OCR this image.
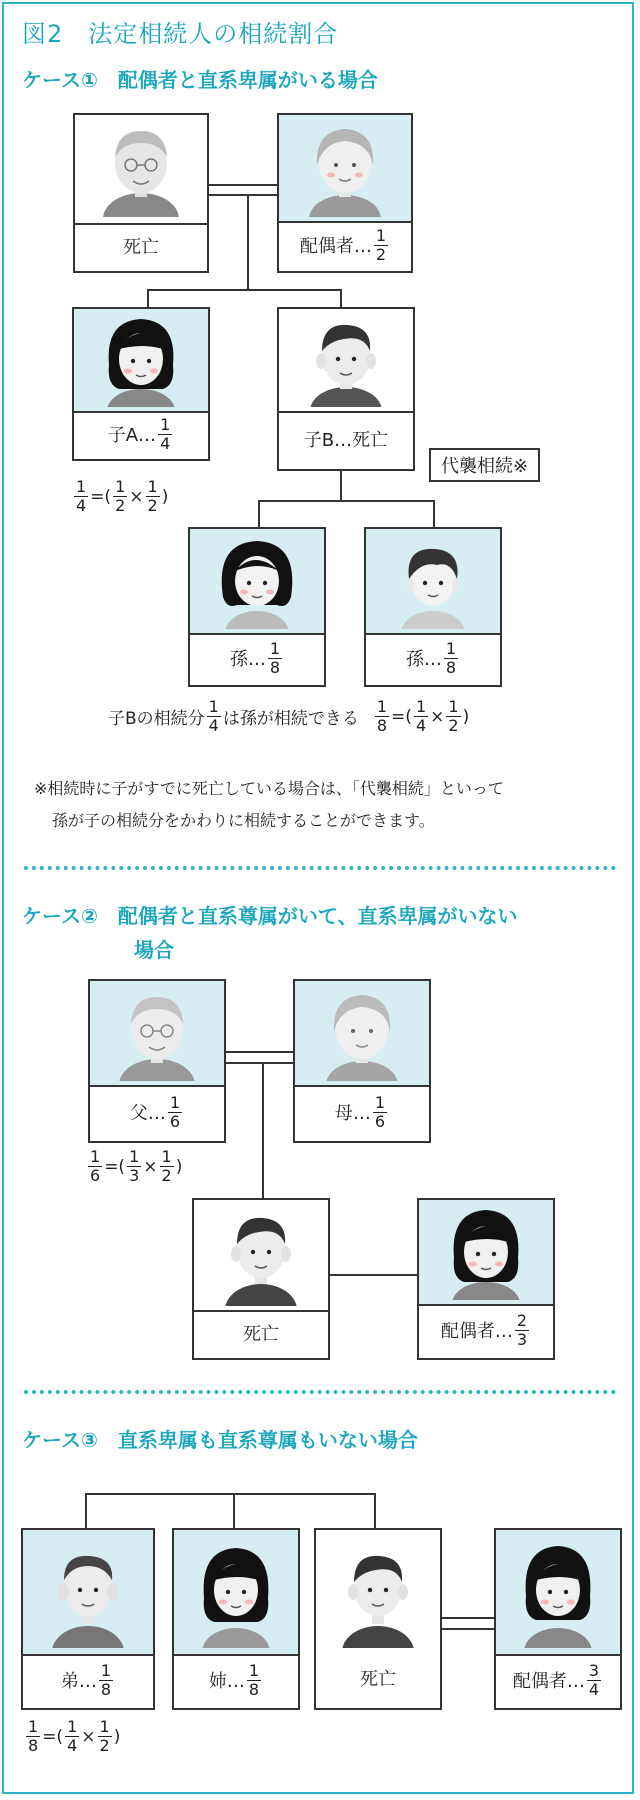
図2　法定相続人の相続割合
ケース①　配偶者と直系卑属がいる場合
死亡	配偶者… $\frac{1}{2}$
子A… $\frac{1}{4}$	子B…死亡
代襲相続※
$\frac{1}{4}$ =( $\frac{1}{2} \times \frac{1}{2}$ )
孫… $\frac{1}{8}$	孫… $\frac{1}{8}$
子Bの相続分 $\frac{1}{4}$ は孫が相続できる $\frac{1}{8}$ =( $\frac{1}{4} \times \frac{1}{2}$ )
※相続時に子がすでに死亡している場合は、「代襲相続」といって
孫が子の相続分をかわりに相続することができます。
ケース②　配偶者と直系尊属がいて、直系卑属がいない
場合
父… $\frac{1}{6}$	母… $\frac{1}{6}$
$\frac{1}{6}$ =( $\frac{1}{3} \times \frac{1}{2}$ )
死亡	配偶者… $\frac{2}{3}$
ケース③　直系卑属も直系尊属もいない場合
弟… $\frac{1}{8}$	姉… $\frac{1}{8}$	死亡	配偶者… $\frac{3}{4}$
$\frac{1}{8}$ =( $\frac{1}{4} \times \frac{1}{2}$ )
